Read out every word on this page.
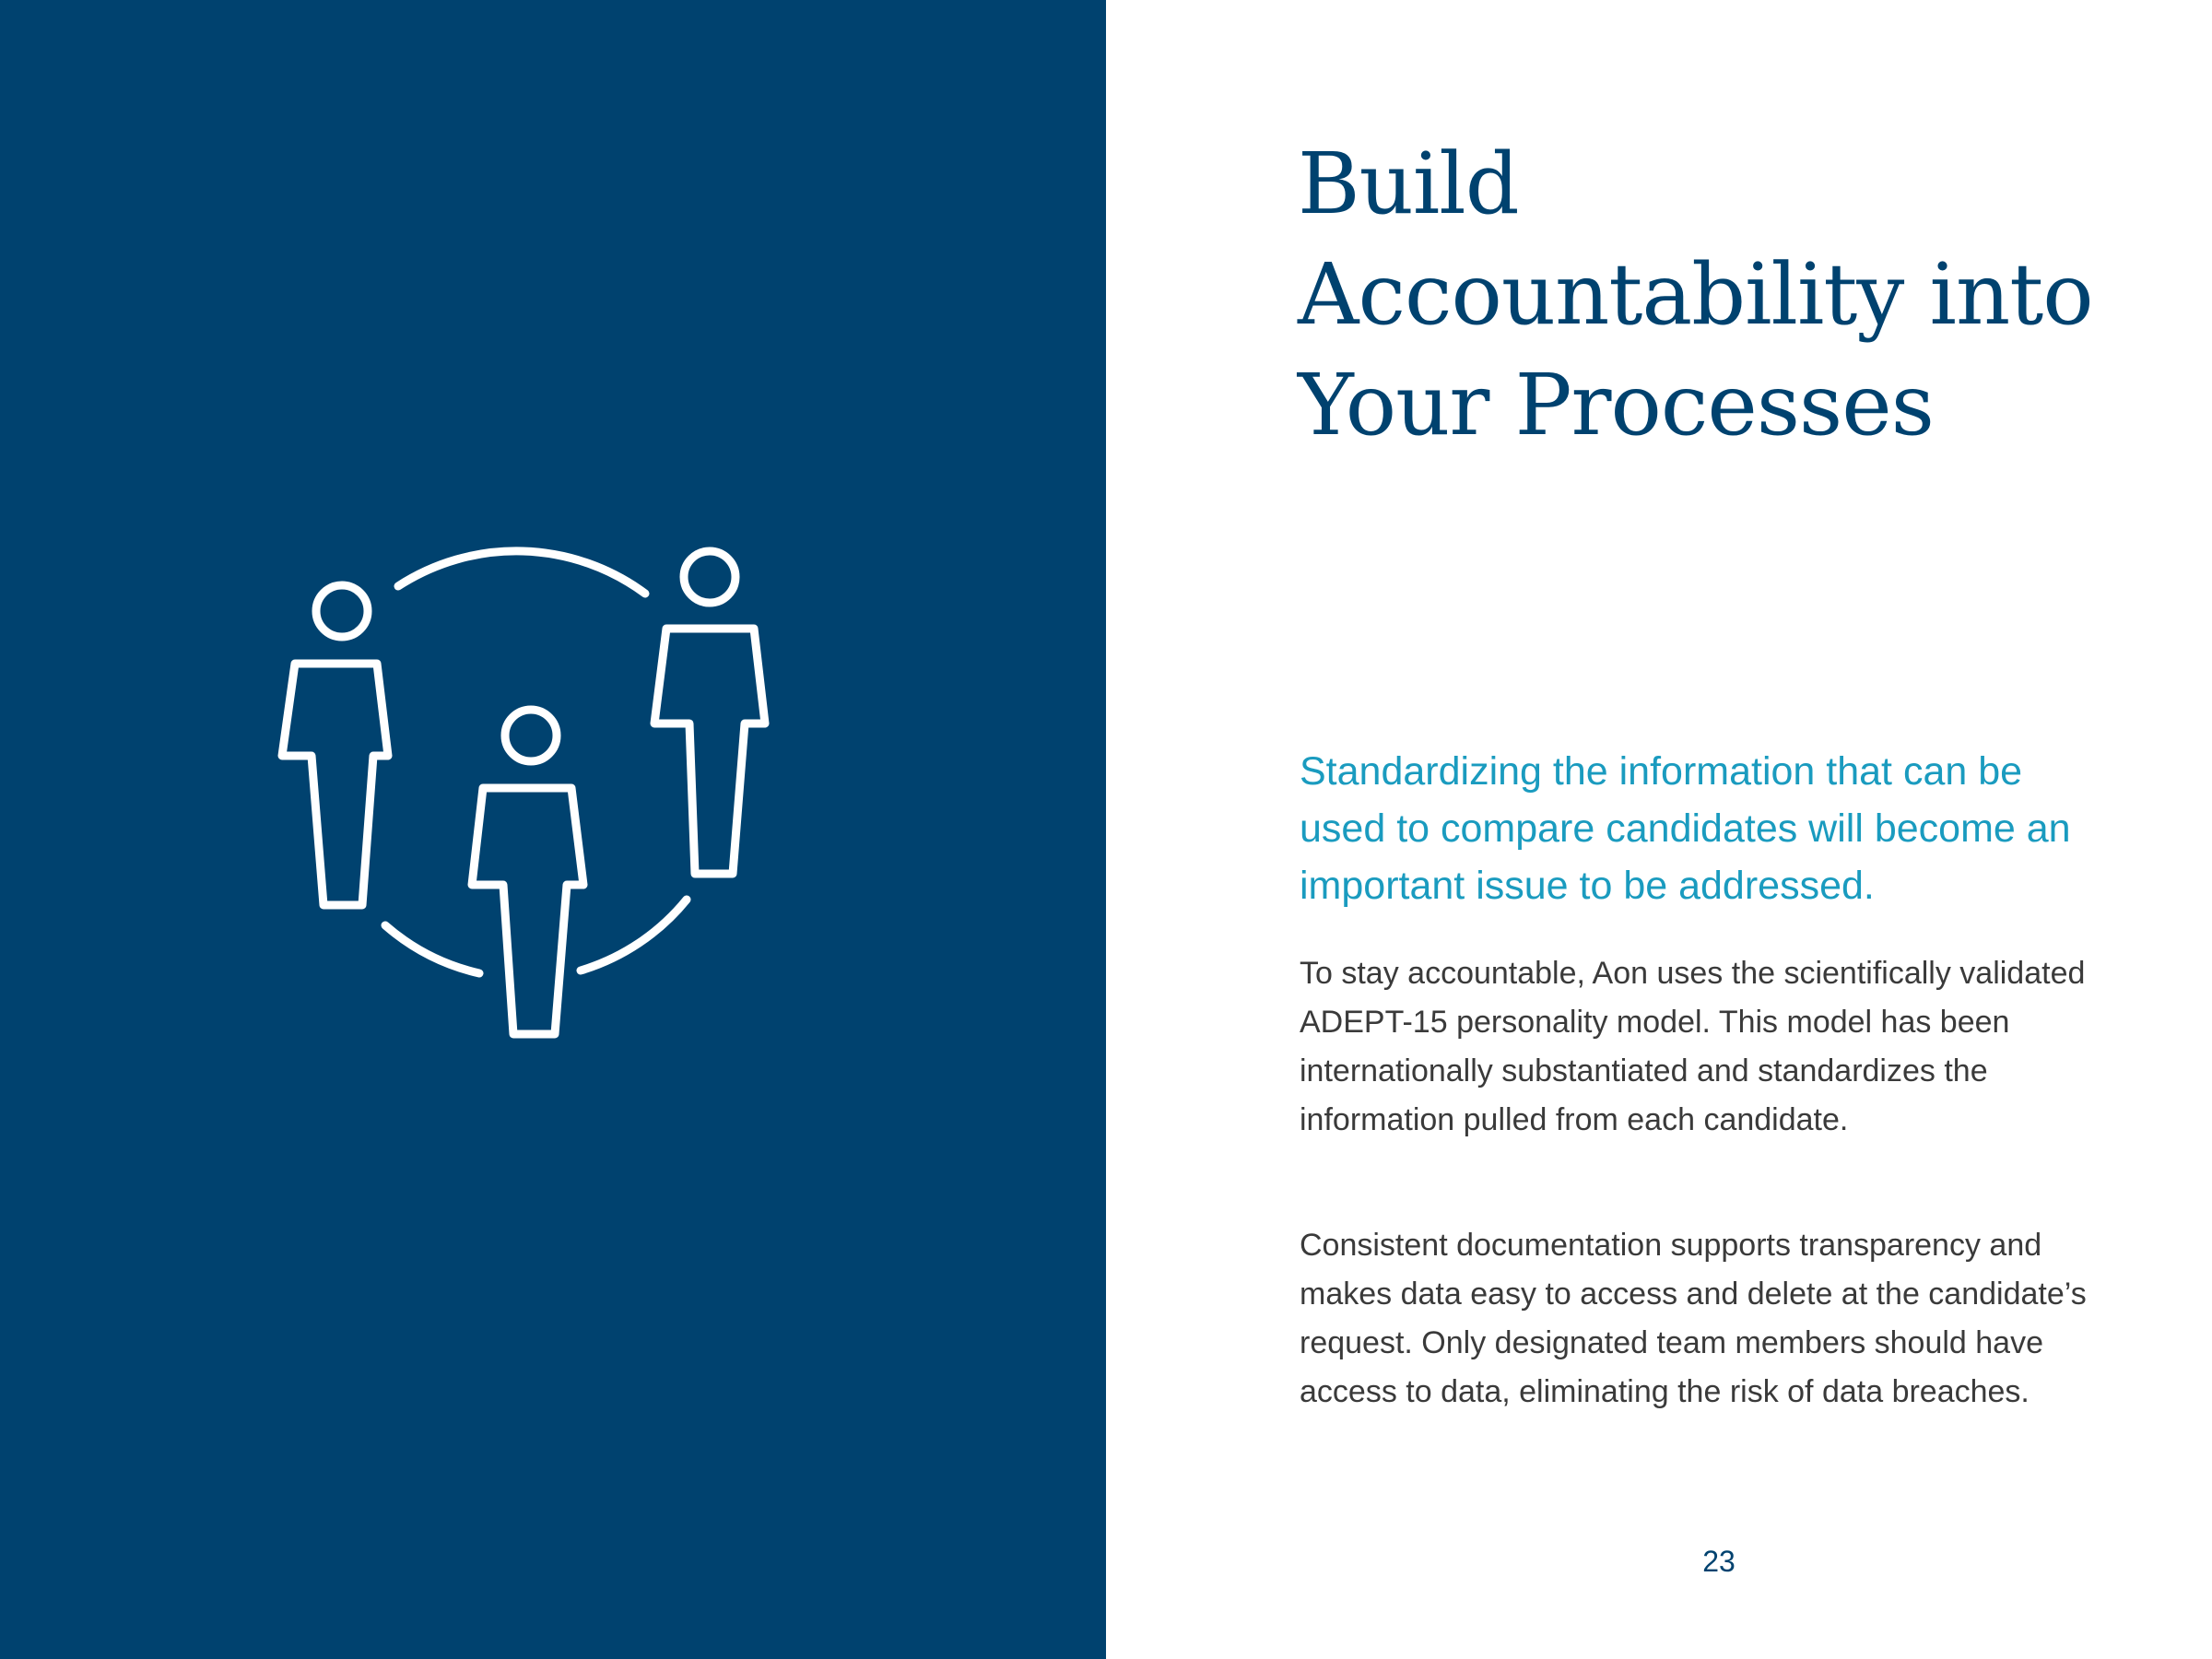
Build
Accountability into
Your Processes

Standardizing the information that can be used to compare candidates will become an important issue to be addressed.

To stay accountable, Aon uses the scientifically validated ADEPT-15 personality model. This model has been internationally substantiated and standardizes the information pulled from each candidate.

Consistent documentation supports transparency and makes data easy to access and delete at the candidate’s request. Only designated team members should have access to data, eliminating the risk of data breaches.

23
